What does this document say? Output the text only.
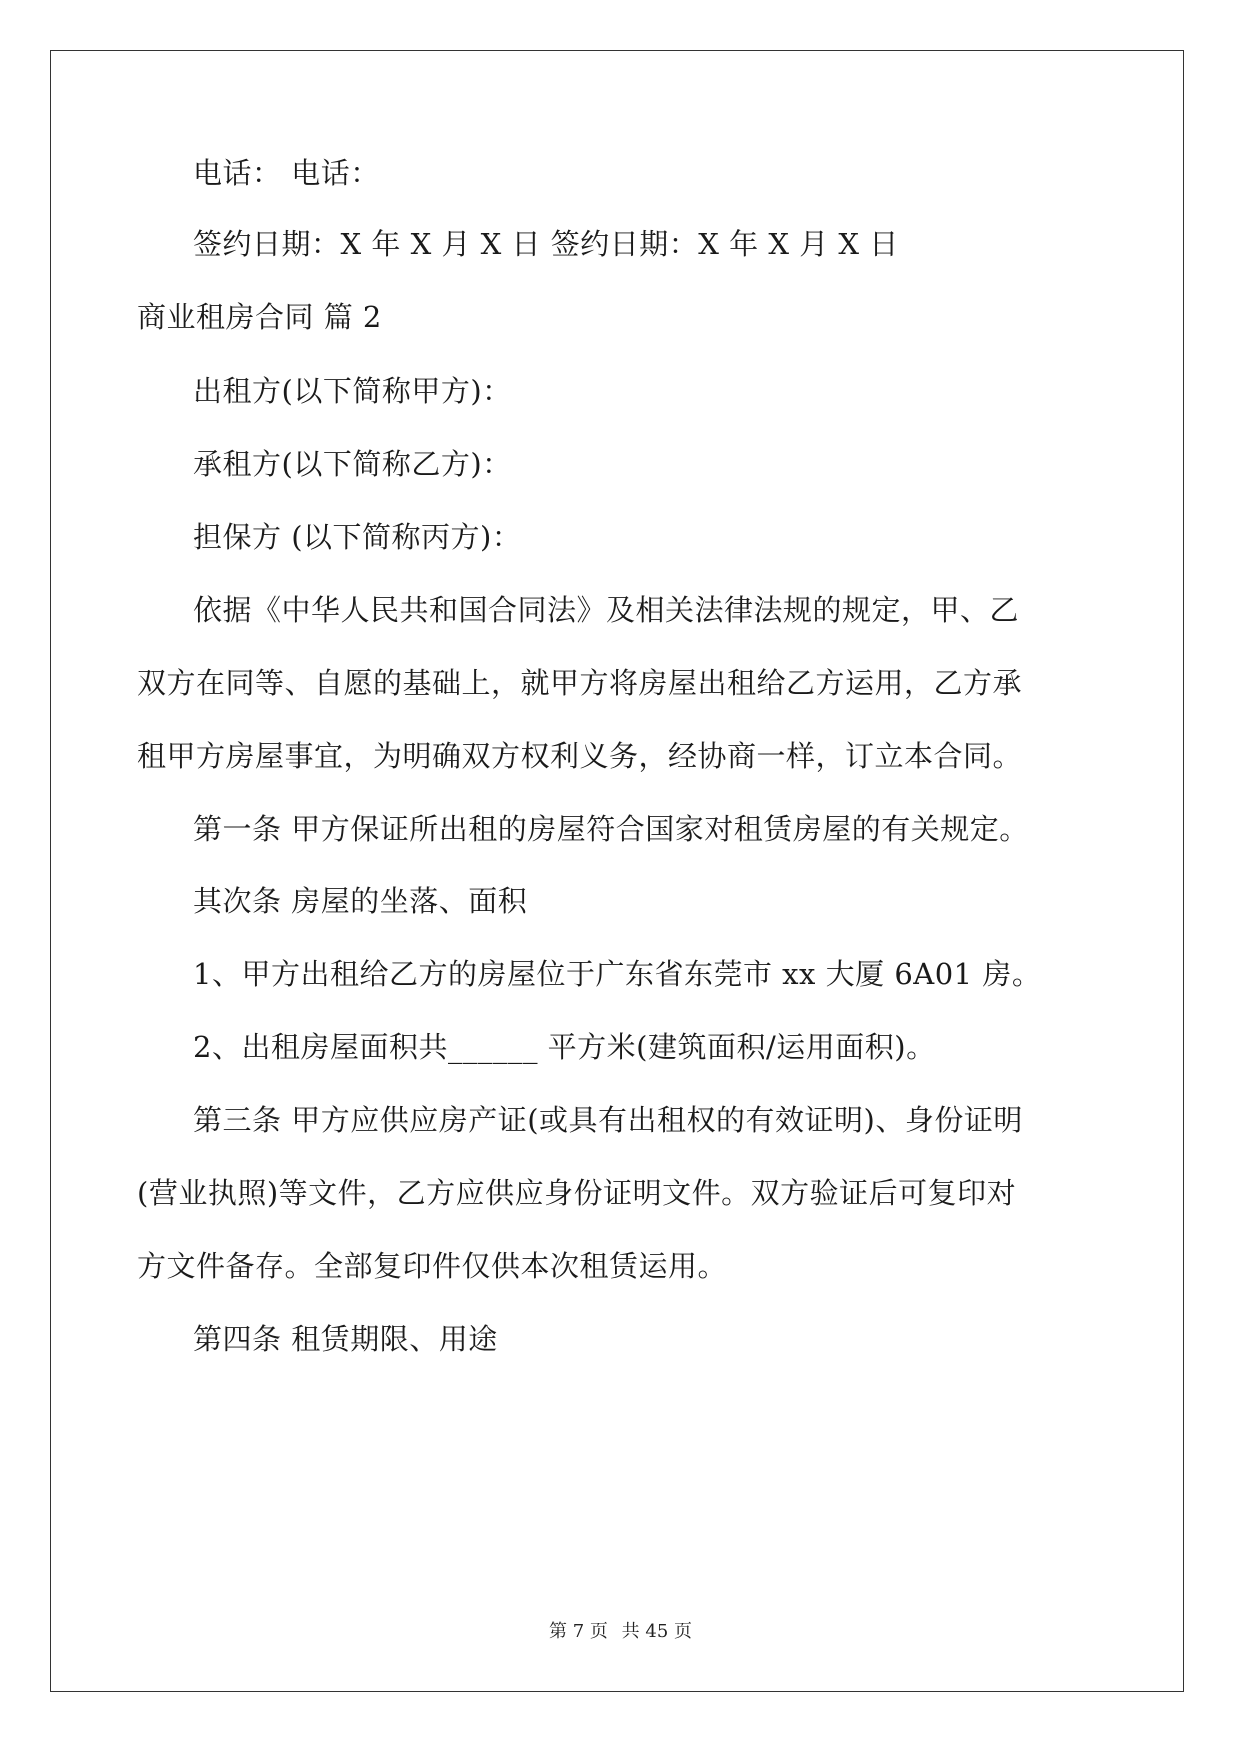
电话： 电话：
签约日期：X 年 X 月 X 日 签约日期：X 年 X 月 X 日
商业租房合同 篇 2
出租方(以下简称甲方)：
承租方(以下简称乙方)：
担保方 (以下简称丙方)：
依据《中华人民共和国合同法》及相关法律法规的规定，甲、乙
双方在同等、自愿的基础上，就甲方将房屋出租给乙方运用，乙方承
租甲方房屋事宜，为明确双方权利义务，经协商一样，订立本合同。
第一条 甲方保证所出租的房屋符合国家对租赁房屋的有关规定。
其次条 房屋的坐落、面积
1、甲方出租给乙方的房屋位于广东省东莞市 xx 大厦 6A01 房。
2、出租房屋面积共______ 平方米(建筑面积/运用面积)。
第三条 甲方应供应房产证(或具有出租权的有效证明)、身份证明
(营业执照)等文件，乙方应供应身份证明文件。双方验证后可复印对
方文件备存。全部复印件仅供本次租赁运用。
第四条 租赁期限、用途
第 7 页 共 45 页
